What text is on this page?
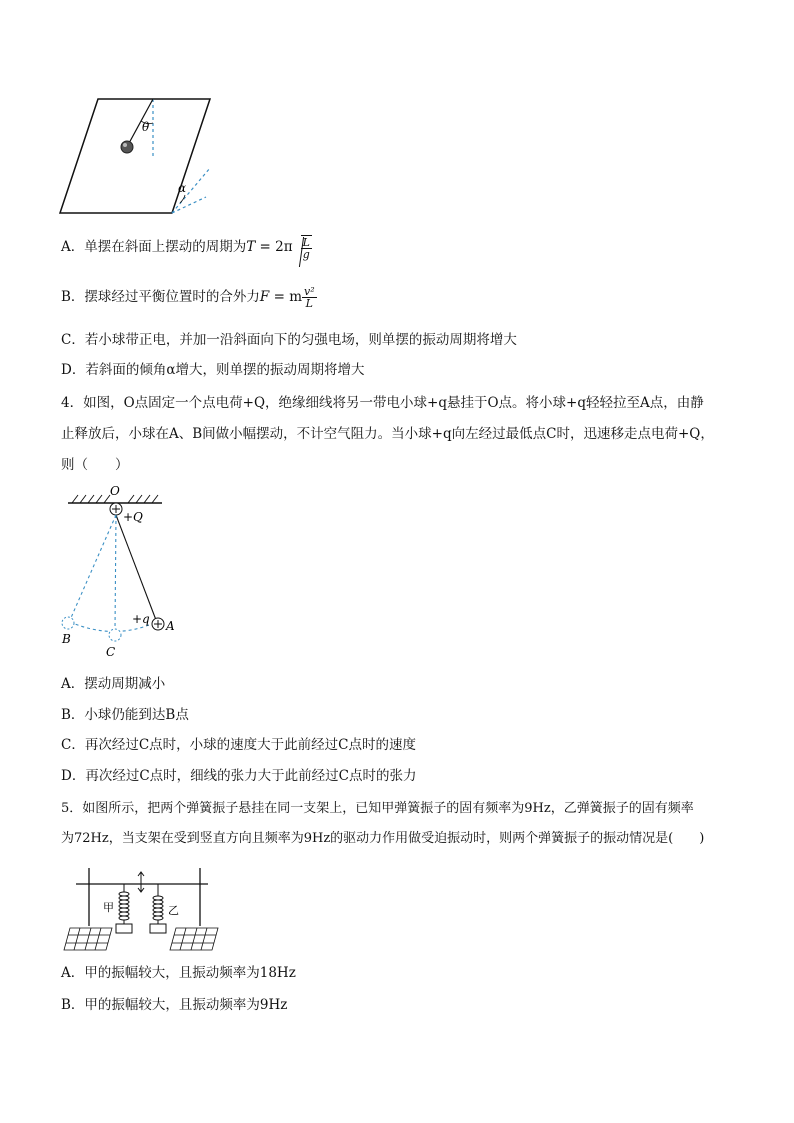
θ
α
A．单摆在斜面上摆动的周期为$T = 2\pi \frac{L}{g}$
B．摆球经过平衡位置时的合外力F = m $\frac{\text{v²}}{L}$
C．若小球带正电，并加一沿斜面向下的匀强电场，则单摆的振动周期将增大
D．若斜面的倾角α增大，则单摆的振动周期将增大
4．如图，O点固定一个点电荷+Q，绝缘细线将另一带电小球+q悬挂于O点。将小球+q轻轻拉至A点，由静
止释放后，小球在A、B间做小幅摆动，不计空气阻力。当小球+q向左经过最低点C时，迅速移走点电荷+Q，
则（　　）
O
+Q
+q A
B
C
A．摆动周期减小
B．小球仍能到达B点
C．再次经过C点时，小球的速度大于此前经过C点时的速度
D．再次经过C点时，细线的张力大于此前经过C点时的张力
5．如图所示，把两个弹簧振子悬挂在同一支架上，已知甲弹簧振子的固有频率为9Hz，乙弹簧振子的固有频率
为72Hz，当支架在受到竖直方向且频率为9Hz的驱动力作用做受迫振动时，则两个弹簧振子的振动情况是(　　)
甲	乙
A．甲的振幅较大，且振动频率为18Hz
B．甲的振幅较大，且振动频率为9Hz
